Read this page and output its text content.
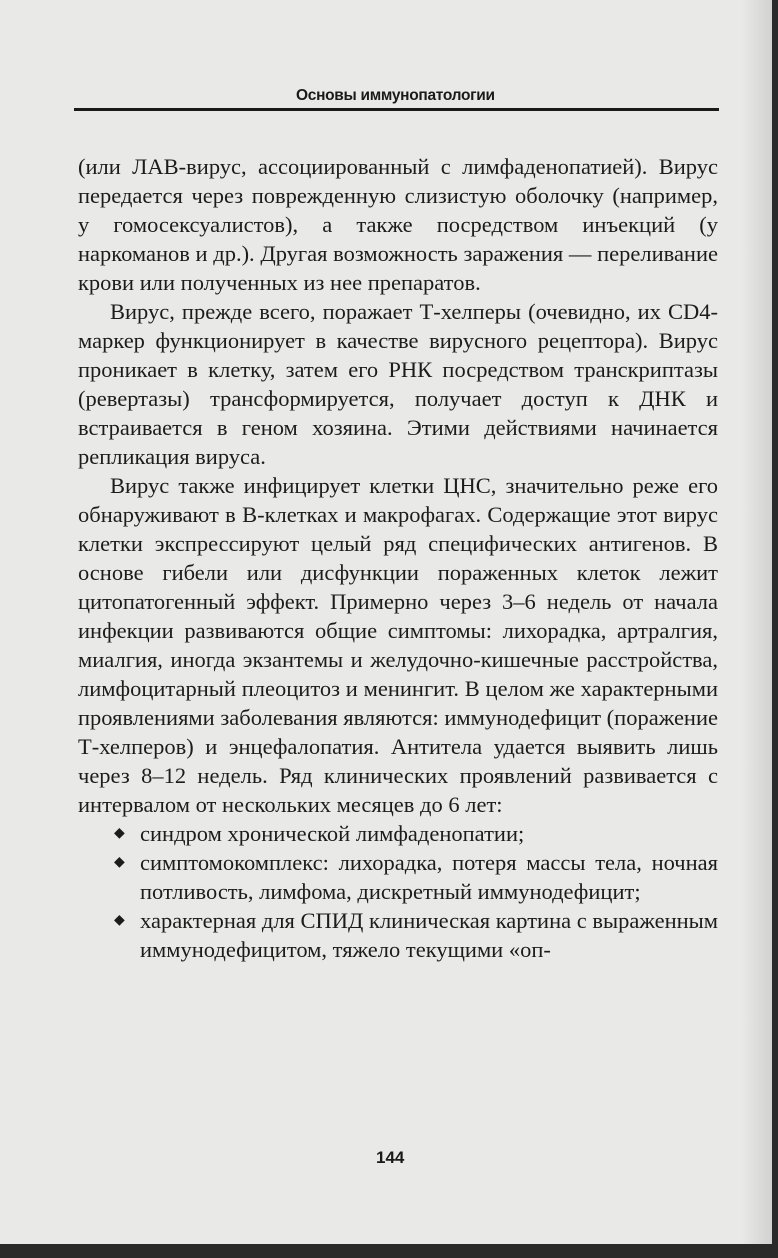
Основы иммунопатологии

(или ЛАВ-вирус, ассоциированный с лимфаденопатией). Вирус передается через поврежденную слизистую оболочку (например, у гомосексуалистов), а также посредством инъекций (у наркоманов и др.). Другая возможность заражения — переливание крови или полученных из нее препаратов.

Вирус, прежде всего, поражает Т-хелперы (очевидно, их CD4-маркер функционирует в качестве вирусного рецептора). Вирус проникает в клетку, затем его РНК посредством транскриптазы (ревертазы) трансформируется, получает доступ к ДНК и встраивается в геном хозяина. Этими действиями начинается репликация вируса.

Вирус также инфицирует клетки ЦНС, значительно реже его обнаруживают в В-клетках и макрофагах. Содержащие этот вирус клетки экспрессируют целый ряд специфических антигенов. В основе гибели или дисфункции пораженных клеток лежит цитопатогенный эффект. Примерно через 3–6 недель от начала инфекции развиваются общие симптомы: лихорадка, артралгия, миалгия, иногда экзантемы и желудочно-кишечные расстройства, лимфоцитарный плеоцитоз и менингит. В целом же характерными проявлениями заболевания являются: иммунодефицит (поражение Т-хелперов) и энцефалопатия. Антитела удается выявить лишь через 8–12 недель. Ряд клинических проявлений развивается с интервалом от нескольких месяцев до 6 лет:

◆ синдром хронической лимфаденопатии;
◆ симптомокомплекс: лихорадка, потеря массы тела, ночная потливость, лимфома, дискретный иммунодефицит;
◆ характерная для СПИД клиническая картина с выраженным иммунодефицитом, тяжело текущими «оп-
144
